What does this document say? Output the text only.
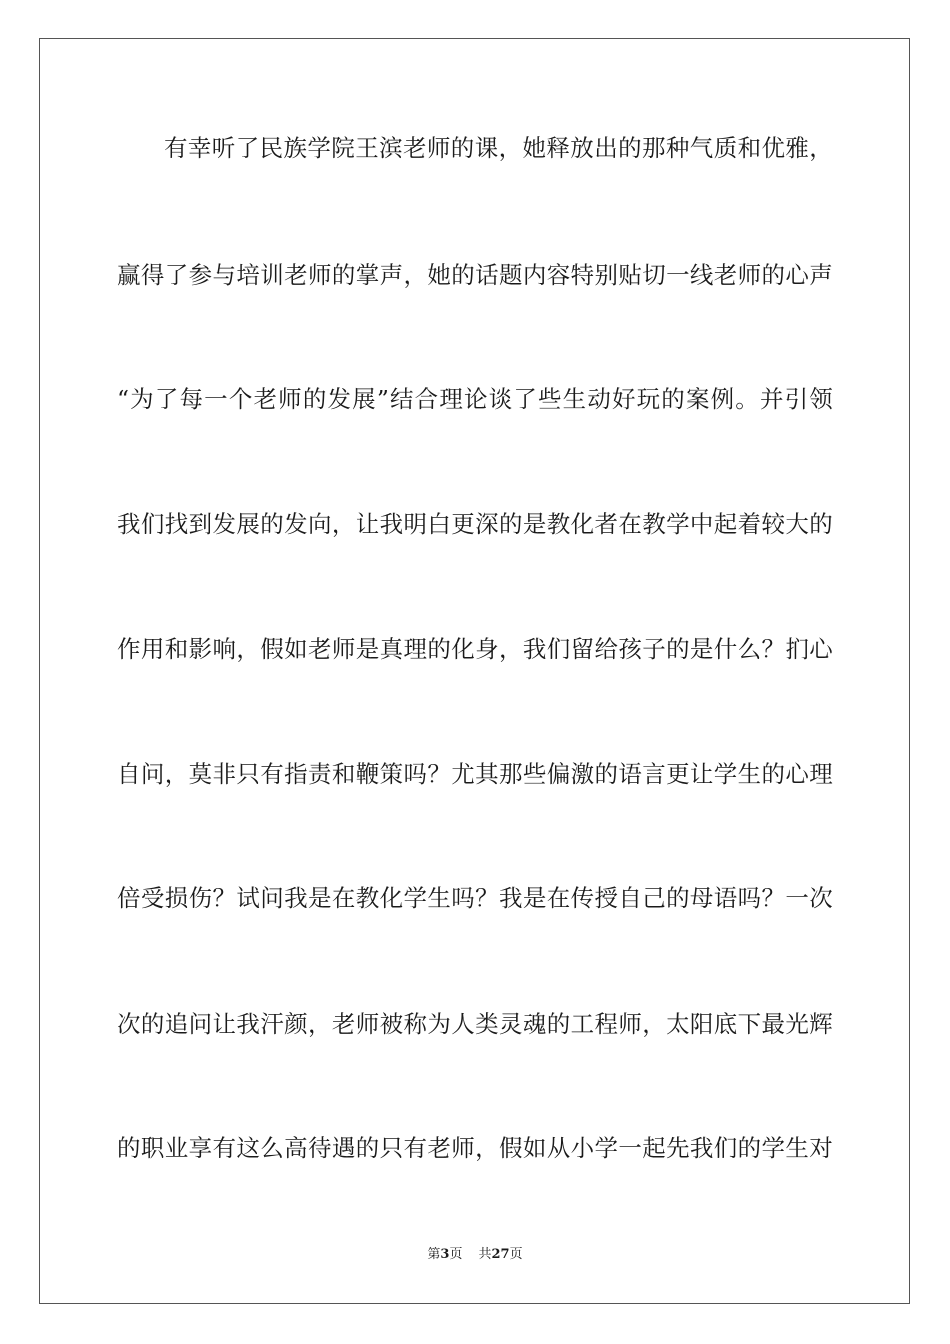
有幸听了民族学院王滨老师的课，她释放出的那种气质和优雅，
赢得了参与培训老师的掌声，她的话题内容特别贴切一线老师的心声
“为了每一个老师的发展”结合理论谈了些生动好玩的案例。并引领
我们找到发展的发向，让我明白更深的是教化者在教学中起着较大的
作用和影响，假如老师是真理的化身，我们留给孩子的是什么？扪心
自问，莫非只有指责和鞭策吗？尤其那些偏激的语言更让学生的心理
倍受损伤？试问我是在教化学生吗？我是在传授自己的母语吗？一次
次的追问让我汗颜，老师被称为人类灵魂的工程师，太阳底下最光辉
的职业享有这么高待遇的只有老师，假如从小学一起先我们的学生对
第3页 共27页
